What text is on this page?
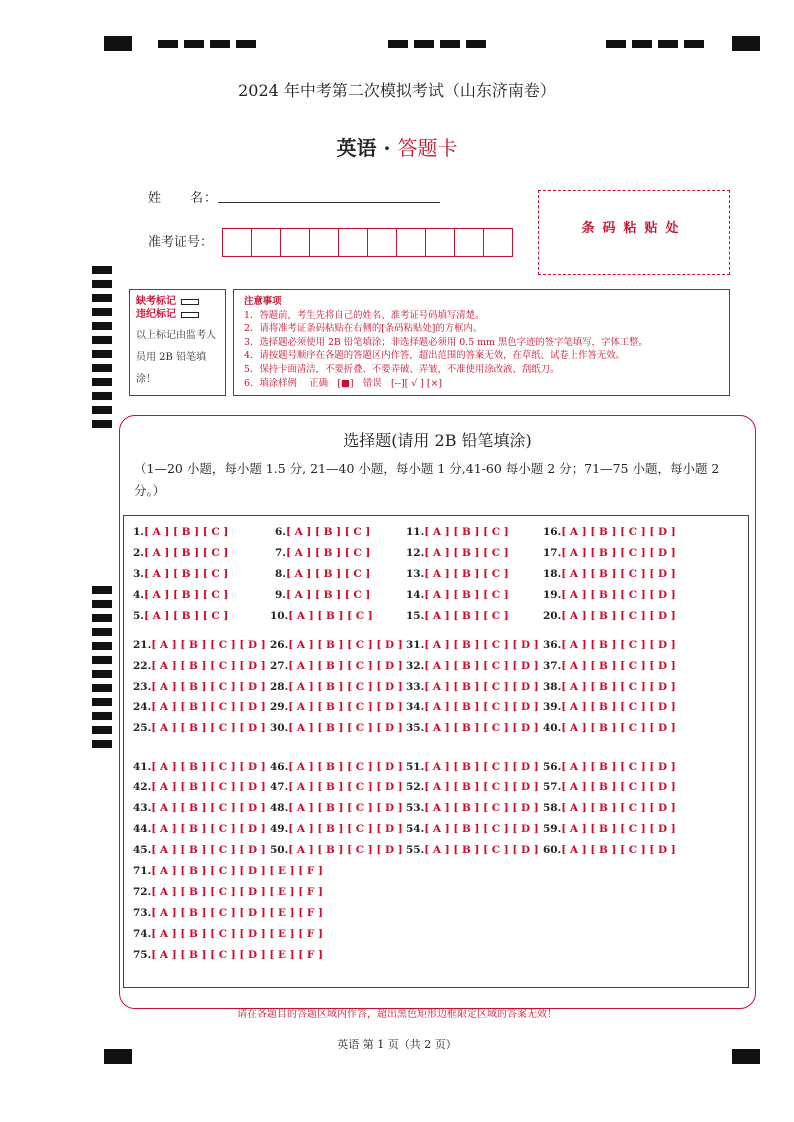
2024 年中考第二次模拟考试（山东济南卷）
英语 · 答题卡
姓　　名：
准考证号：
条码粘贴处
缺考标记
违纪标记
以上标记由监考人员用 2B 铅笔填涂！
注意事项
1．答题前，考生先将自己的姓名、准考证号码填写清楚。
2．请将准考证条码粘贴在右侧的[条码粘贴处]的方框内。
3．选择题必须使用 2B 铅笔填涂；非选择题必须用 0.5 mm 黑色字迹的签字笔填写，字体工整。
4．请按题号顺序在各题的答题区内作答，超出范围的答案无效，在草纸、试卷上作答无效。
5．保持卡面清洁，不要折叠、不要弄破、弄皱，不准使用涂改液、刮纸刀。
6．填涂样例　 正确　[■]　错误　[--][ √ ] [×]
选择题(请用 2B 铅笔填涂)
（1—20 小题，每小题 1.5 分, 21—40 小题，每小题 1 分,41-60 每小题 2 分；71—75 小题，每小题 2 分。）
1.[ A ] [ B ] [ C ]
2.[ A ] [ B ] [ C ]
3.[ A ] [ B ] [ C ]
4.[ A ] [ B ] [ C ]
5.[ A ] [ B ] [ C ]
6.[ A ] [ B ] [ C ]
7.[ A ] [ B ] [ C ]
8.[ A ] [ B ] [ C ]
9.[ A ] [ B ] [ C ]
10.[ A ] [ B ] [ C ]
11.[ A ] [ B ] [ C ]
12.[ A ] [ B ] [ C ]
13.[ A ] [ B ] [ C ]
14.[ A ] [ B ] [ C ]
15.[ A ] [ B ] [ C ]
16.[ A ] [ B ] [ C ] [ D ]
17.[ A ] [ B ] [ C ] [ D ]
18.[ A ] [ B ] [ C ] [ D ]
19.[ A ] [ B ] [ C ] [ D ]
20.[ A ] [ B ] [ C ] [ D ]
21.[ A ] [ B ] [ C ] [ D ]
22.[ A ] [ B ] [ C ] [ D ]
23.[ A ] [ B ] [ C ] [ D ]
24.[ A ] [ B ] [ C ] [ D ]
25.[ A ] [ B ] [ C ] [ D ]
26.[ A ] [ B ] [ C ] [ D ]
27.[ A ] [ B ] [ C ] [ D ]
28.[ A ] [ B ] [ C ] [ D ]
29.[ A ] [ B ] [ C ] [ D ]
30.[ A ] [ B ] [ C ] [ D ]
31.[ A ] [ B ] [ C ] [ D ]
32.[ A ] [ B ] [ C ] [ D ]
33.[ A ] [ B ] [ C ] [ D ]
34.[ A ] [ B ] [ C ] [ D ]
35.[ A ] [ B ] [ C ] [ D ]
36.[ A ] [ B ] [ C ] [ D ]
37.[ A ] [ B ] [ C ] [ D ]
38.[ A ] [ B ] [ C ] [ D ]
39.[ A ] [ B ] [ C ] [ D ]
40.[ A ] [ B ] [ C ] [ D ]
41.[ A ] [ B ] [ C ] [ D ]
42.[ A ] [ B ] [ C ] [ D ]
43.[ A ] [ B ] [ C ] [ D ]
44.[ A ] [ B ] [ C ] [ D ]
45.[ A ] [ B ] [ C ] [ D ]
46.[ A ] [ B ] [ C ] [ D ]
47.[ A ] [ B ] [ C ] [ D ]
48.[ A ] [ B ] [ C ] [ D ]
49.[ A ] [ B ] [ C ] [ D ]
50.[ A ] [ B ] [ C ] [ D ]
51.[ A ] [ B ] [ C ] [ D ]
52.[ A ] [ B ] [ C ] [ D ]
53.[ A ] [ B ] [ C ] [ D ]
54.[ A ] [ B ] [ C ] [ D ]
55.[ A ] [ B ] [ C ] [ D ]
56.[ A ] [ B ] [ C ] [ D ]
57.[ A ] [ B ] [ C ] [ D ]
58.[ A ] [ B ] [ C ] [ D ]
59.[ A ] [ B ] [ C ] [ D ]
60.[ A ] [ B ] [ C ] [ D ]
71.[ A ] [ B ] [ C ] [ D ] [ E ] [ F ]
72.[ A ] [ B ] [ C ] [ D ] [ E ] [ F ]
73.[ A ] [ B ] [ C ] [ D ] [ E ] [ F ]
74.[ A ] [ B ] [ C ] [ D ] [ E ] [ F ]
75.[ A ] [ B ] [ C ] [ D ] [ E ] [ F ]
请在各题目的答题区域内作答，超出黑色矩形边框限定区域的答案无效！
英语 第 1 页（共 2 页）
